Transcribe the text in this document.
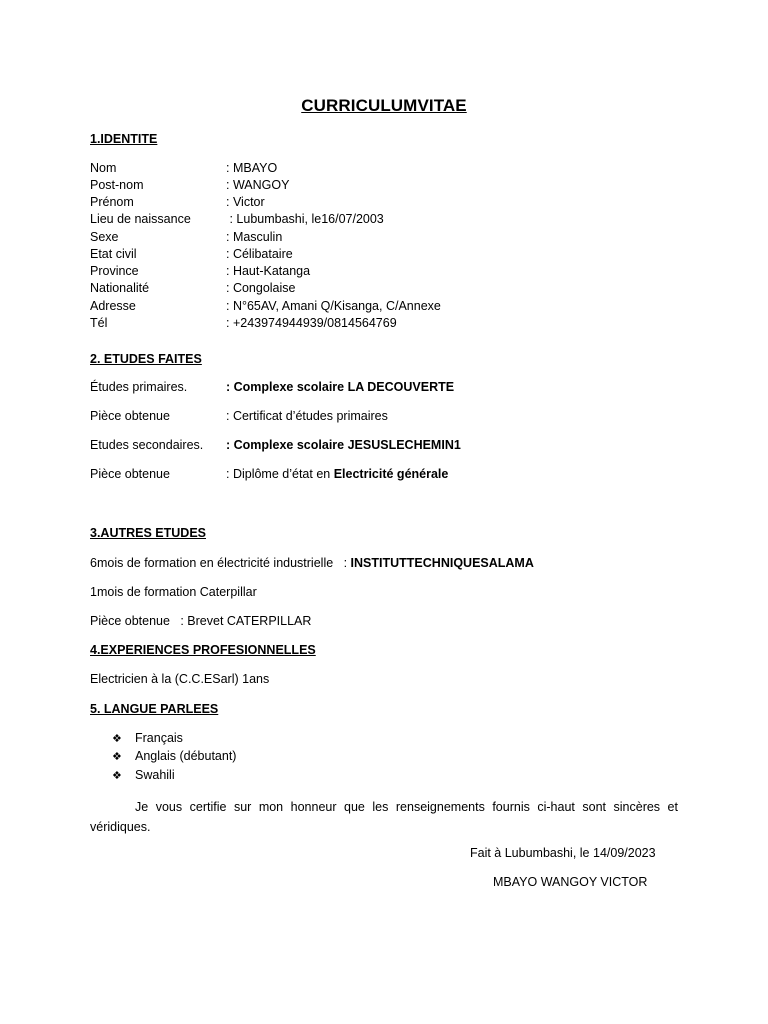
CURRICULUMVITAE
1.IDENTITE
Nom	: MBAYO
Post-nom	: WANGOY
Prénom	: Victor
Lieu de naissance	: Lubumbashi, le16/07/2003
Sexe	: Masculin
Etat civil	: Célibataire
Province	: Haut-Katanga
Nationalité	: Congolaise
Adresse	: N°65AV, Amani Q/Kisanga, C/Annexe
Tél	: +243974944939/0814564769
2. ETUDES FAITES
Études primaires.	: Complexe scolaire LA DECOUVERTE
Pièce obtenue	: Certificat d’études primaires
Etudes secondaires. : Complexe scolaire JESUSLECHEMIN1
Pièce obtenue	: Diplôme d’état en Electricité générale
3.AUTRES ETUDES
6mois de formation en électricité industrielle   : INSTITUTTECHNIQUESALAMA
1mois de formation Caterpillar
Pièce obtenue   : Brevet CATERPILLAR
4.EXPERIENCES PROFESIONNELLES
Electricien à la (C.C.ESarl) 1ans
5. LANGUE PARLEES
❖ Français
❖ Anglais (débutant)
❖ Swahili
Je vous certifie sur mon honneur que les renseignements fournis ci-haut sont sincères et véridiques.
Fait à Lubumbashi, le 14/09/2023
MBAYO WANGOY VICTOR
